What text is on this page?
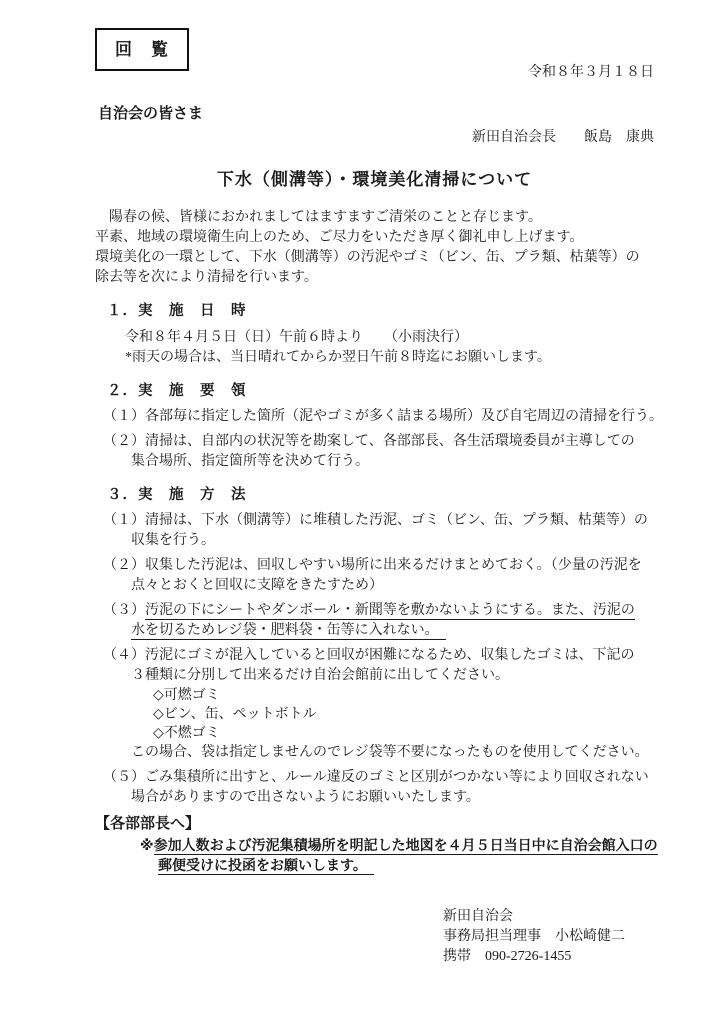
回　覧
令和８年３月１８日
自治会の皆さま
新田自治会長　　飯島　康典
下水（側溝等）・環境美化清掃について
　陽春の候、皆様におかれましてはますますご清栄のことと存じます。
平素、地域の環境衛生向上のため、ご尽力をいただき厚く御礼申し上げます。
環境美化の一環として、下水（側溝等）の汚泥やゴミ（ビン、缶、プラ類、枯葉等）の
除去等を次により清掃を行います。
１．実　施　日　時
令和８年４月５日（日）午前６時より　　（小雨決行）
*雨天の場合は、当日晴れてからか翌日午前８時迄にお願いします。
２．実　施　要　領
（１）各部毎に指定した箇所（泥やゴミが多く詰まる場所）及び自宅周辺の清掃を行う。
（２）清掃は、自部内の状況等を勘案して、各部部長、各生活環境委員が主導しての
集合場所、指定箇所等を決めて行う。
３．実　施　方　法
（１）清掃は、下水（側溝等）に堆積した汚泥、ゴミ（ビン、缶、プラ類、枯葉等）の
収集を行う。
（２）収集した汚泥は、回収しやすい場所に出来るだけまとめておく。（少量の汚泥を
点々とおくと回収に支障をきたすため）
（３）汚泥の下にシートやダンボール・新聞等を敷かないようにする。また、汚泥の
水を切るためレジ袋・肥料袋・缶等に入れない。　
（４）汚泥にゴミが混入していると回収が困難になるため、収集したゴミは、下記の
３種類に分別して出来るだけ自治会館前に出してください。
◇可燃ゴミ
◇ビン、缶、ペットボトル
◇不燃ゴミ
この場合、袋は指定しませんのでレジ袋等不要になったものを使用してください。
（５）ごみ集積所に出すと、ルール違反のゴミと区別がつかない等により回収されない
場合がありますので出さないようにお願いいたします。
【各部部長へ】
※参加人数および汚泥集積場所を明記した地図を４月５日当日中に自治会館入口の
郵便受けに投函をお願いします。　
新田自治会
事務局担当理事　小松崎健二
携帯　090-2726-1455
